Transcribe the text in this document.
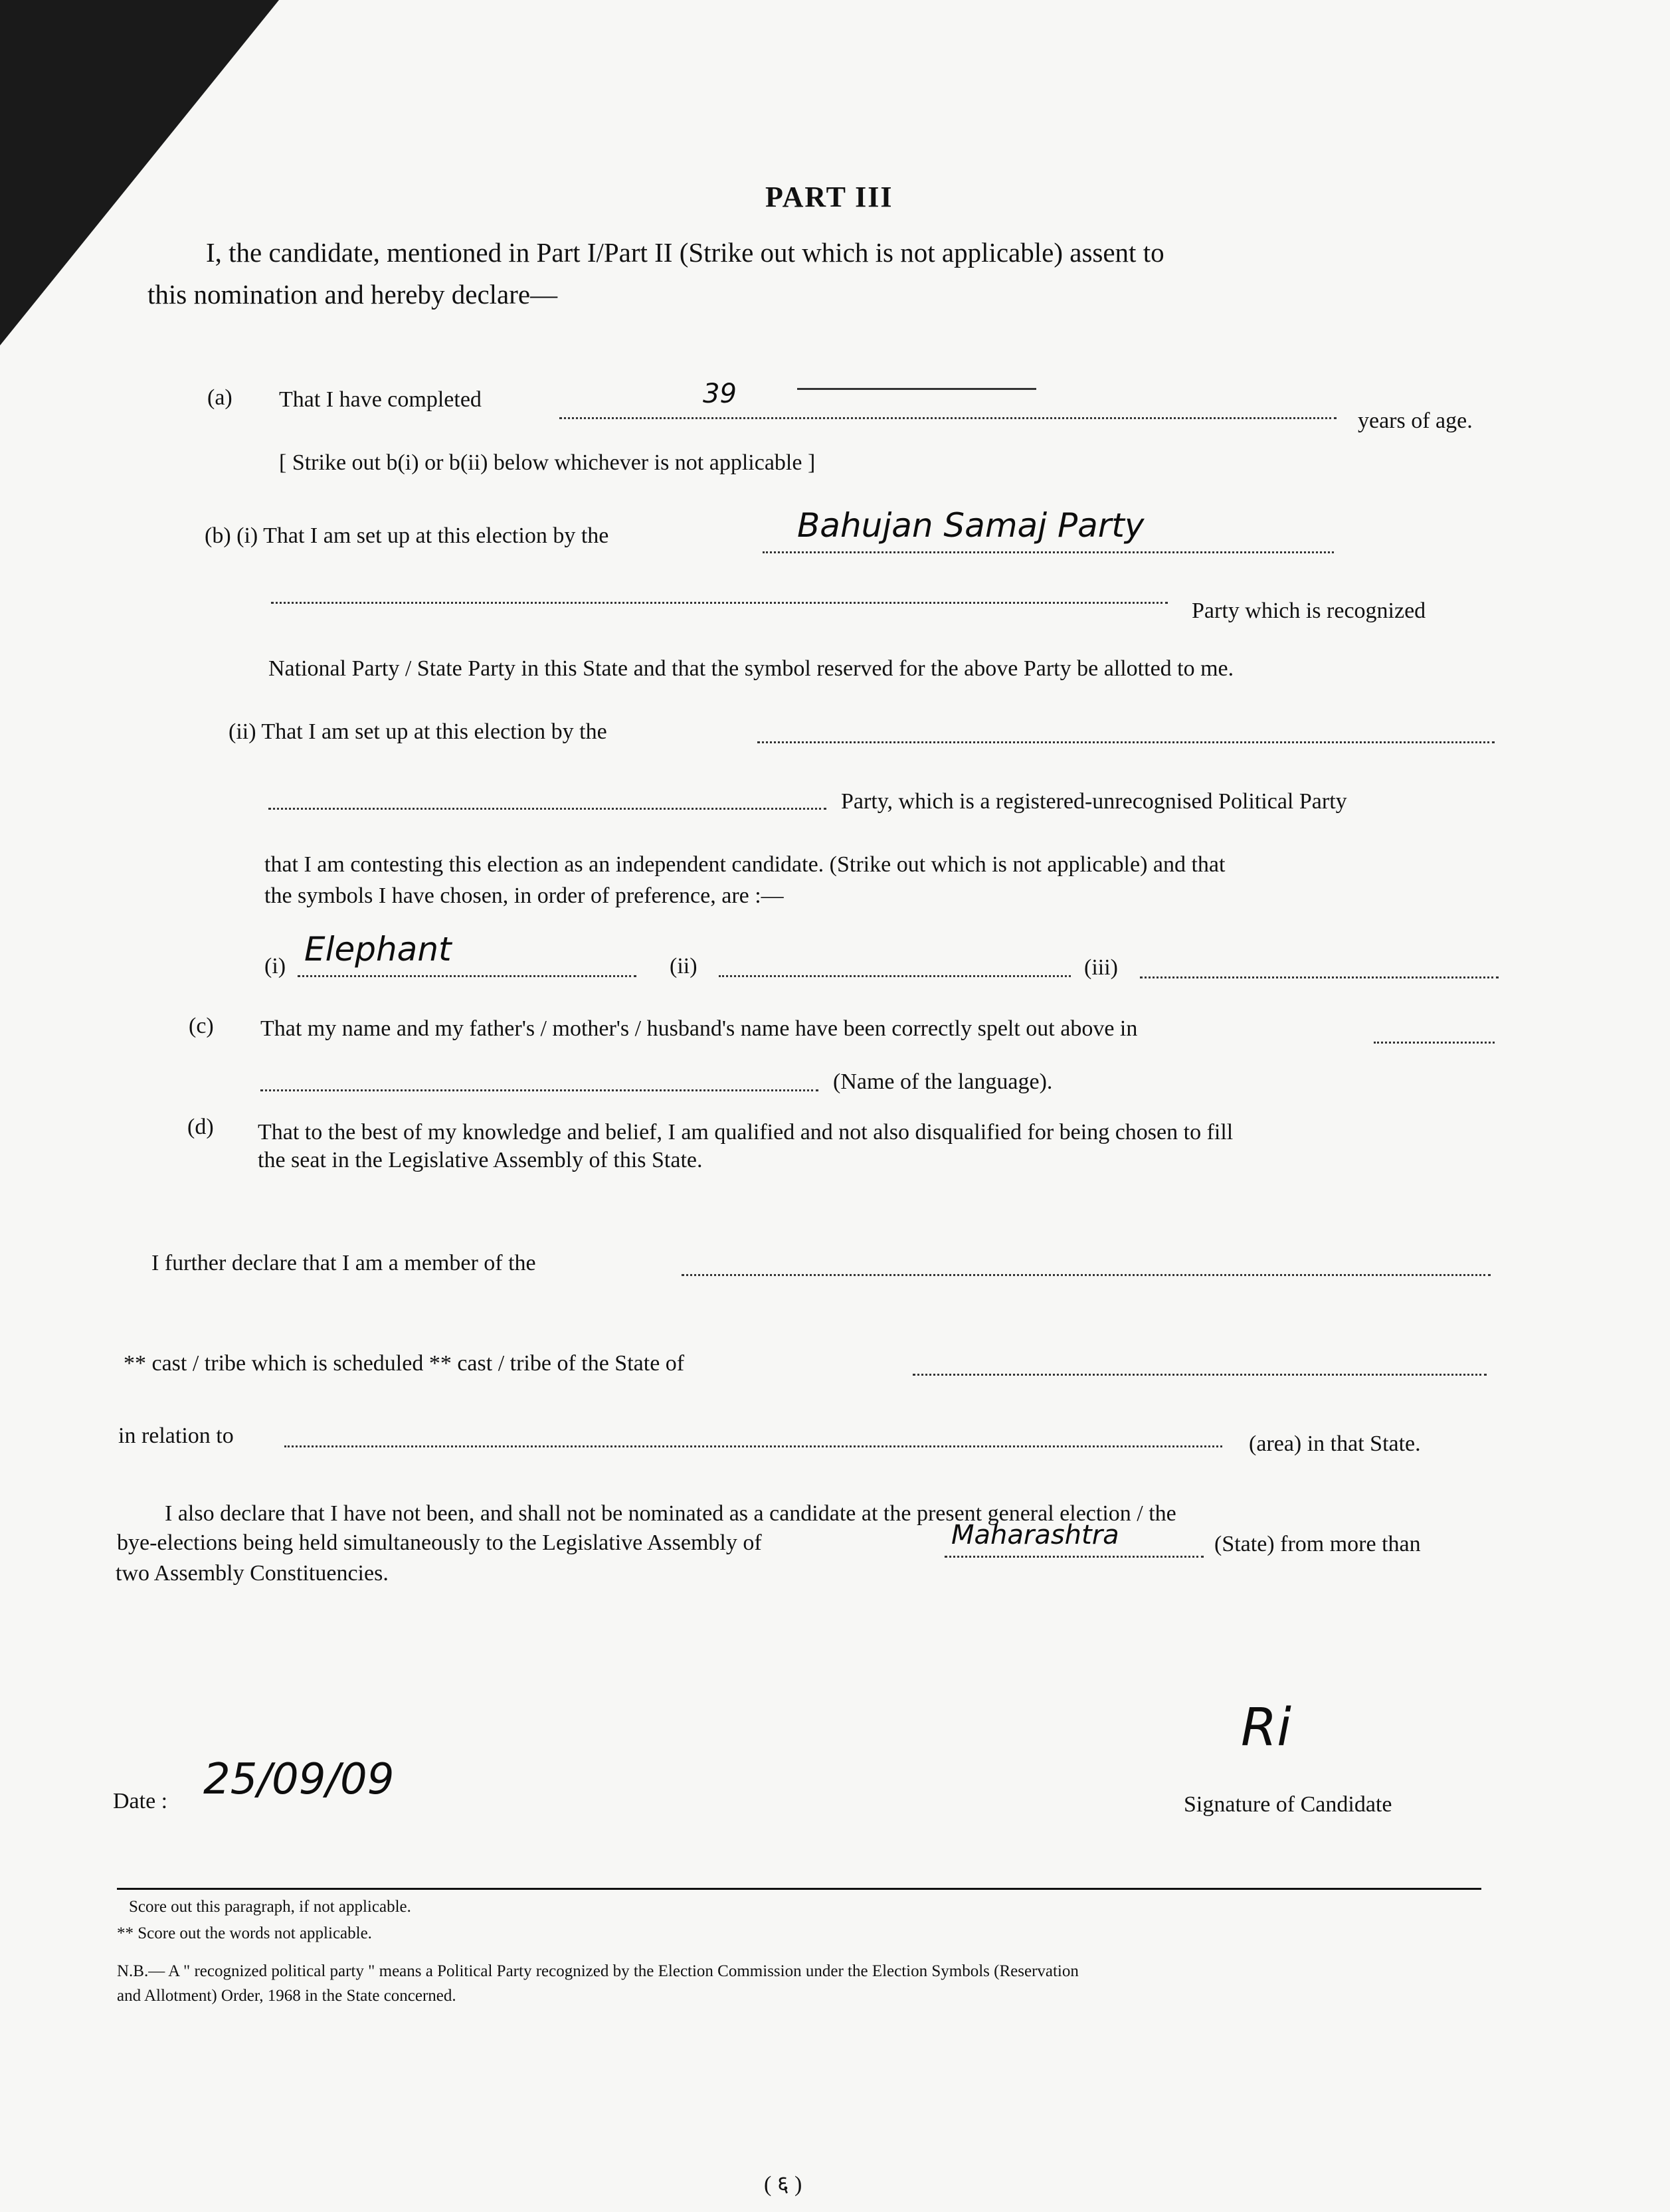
PART III
I, the candidate, mentioned in Part I/Part II (Strike out which is not applicable) assent to
this nomination and hereby declare—
(a) That I have completed	39
years of age.
[ Strike out b(i) or b(ii) below whichever is not applicable ]
(b) (i) That I am set up at this election by the	Bahujan Samaj Party
Party which is recognized
National Party / State Party in this State and that the symbol reserved for the above Party be allotted to me.
(ii) That I am set up at this election by the
Party, which is a registered-unrecognised Political Party
that I am contesting this election as an independent candidate. (Strike out which is not applicable) and that
the symbols I have chosen, in order of preference, are :—
(i) Elephant	(ii)	(iii)
(c) That my name and my father's / mother's / husband's name have been correctly spelt out above in
(Name of the language).
(d) That to the best of my knowledge and belief, I am qualified and not also disqualified for being chosen to fill
the seat in the Legislative Assembly of this State.
I further declare that I am a member of the
** cast / tribe which is scheduled ** cast / tribe of the State of
in relation to	(area) in that State.
I also declare that I have not been, and shall not be nominated as a candidate at the present general election / the
bye-elections being held simultaneously to the Legislative Assembly of	Maharashtra	(State) from more than
two Assembly Constituencies.
Date : 25/09/09
Ri
Signature of Candidate
Score out this paragraph, if not applicable.
** Score out the words not applicable.
N.B.— A " recognized political party " means a Political Party recognized by the Election Commission under the Election Symbols (Reservation
and Allotment) Order, 1968 in the State concerned.
( ६ )
